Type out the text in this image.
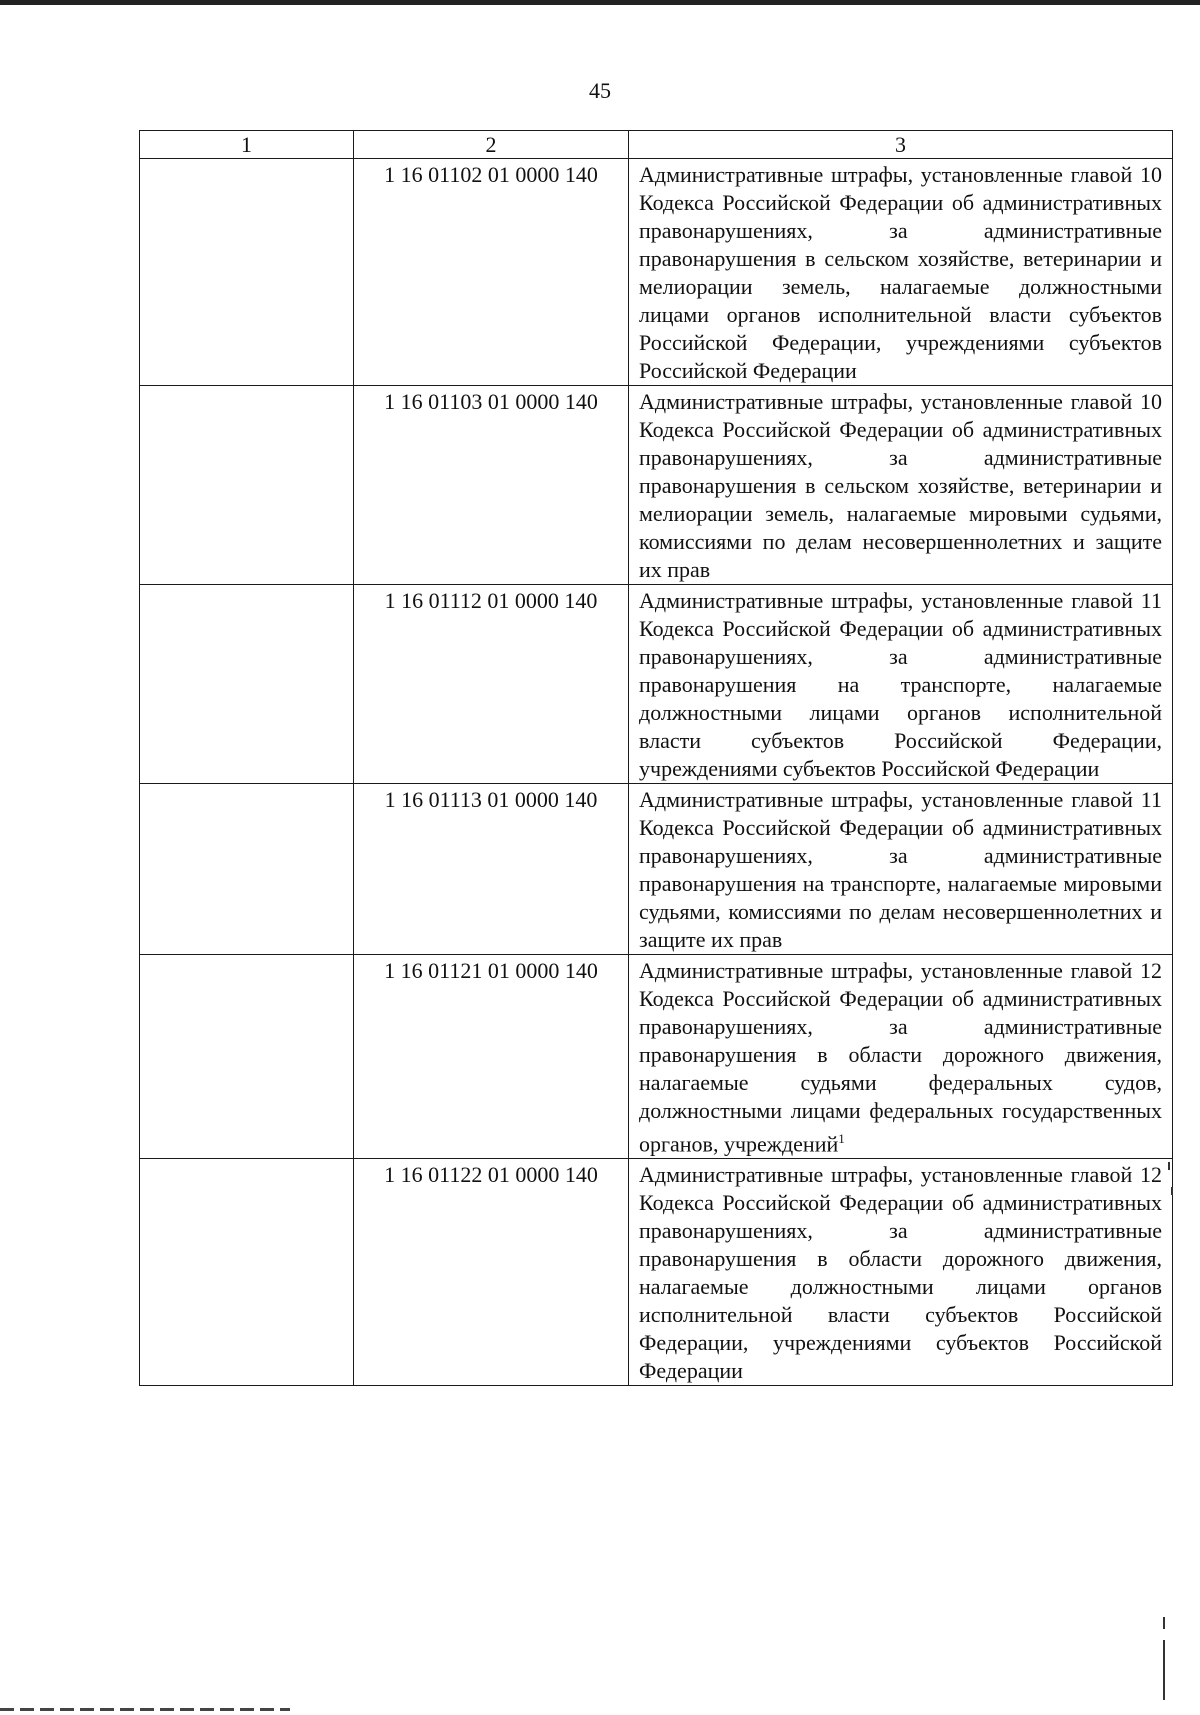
45
1	2	3
	1 16 01102 01 0000 140	Административные штрафы, установленные главой 10 Кодекса Российской Федерации об административных правонарушениях, за административные правонарушения в сельском хозяйстве, ветеринарии и мелиорации земель, налагаемые должностными лицами органов исполнительной власти субъектов Российской Федерации, учреждениями субъектов Российской Федерации
	1 16 01103 01 0000 140	Административные штрафы, установленные главой 10 Кодекса Российской Федерации об административных правонарушениях, за административные правонарушения в сельском хозяйстве, ветеринарии и мелиорации земель, налагаемые мировыми судьями, комиссиями по делам несовершеннолетних и защите их прав
	1 16 01112 01 0000 140	Административные штрафы, установленные главой 11 Кодекса Российской Федерации об административных правонарушениях, за административные правонарушения на транспорте, налагаемые должностными лицами органов исполнительной власти субъектов Российской Федерации, учреждениями субъектов Российской Федерации
	1 16 01113 01 0000 140	Административные штрафы, установленные главой 11 Кодекса Российской Федерации об административных правонарушениях, за административные правонарушения на транспорте, налагаемые мировыми судьями, комиссиями по делам несовершеннолетних и защите их прав
	1 16 01121 01 0000 140	Административные штрафы, установленные главой 12 Кодекса Российской Федерации об административных правонарушениях, за административные правонарушения в области дорожного движения, налагаемые судьями федеральных судов, должностными лицами федеральных государственных органов, учреждений$^1$
	1 16 01122 01 0000 140	Административные штрафы, установленные главой 12 Кодекса Российской Федерации об административных правонарушениях, за административные правонарушения в области дорожного движения, налагаемые должностными лицами органов исполнительной власти субъектов Российской Федерации, учреждениями субъектов Российской Федерации
